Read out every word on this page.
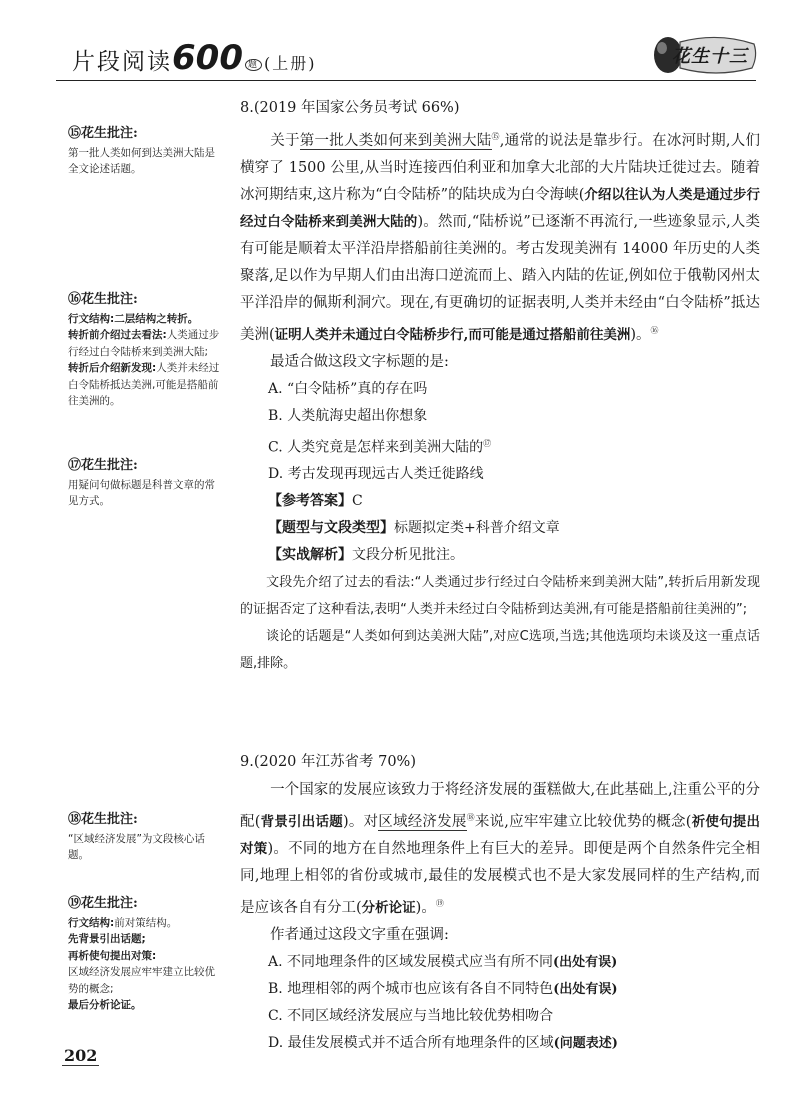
片段阅读600 题 (上册)	花生十三
⑮花生批注:
第一批人类如何到达美洲大陆是全文论述话题。
⑯花生批注:
行文结构:二层结构之转折。
转折前介绍过去看法:人类通过步行经过白令陆桥来到美洲大陆;
转折后介绍新发现:人类并未经过白令陆桥抵达美洲,可能是搭船前往美洲的。
⑰花生批注:
用疑问句做标题是科普文章的常见方式。
⑱花生批注:
“区域经济发展”为文段核心话题。
⑲花生批注:
行文结构:前对策结构。
先背景引出话题;
再析使句提出对策:
区域经济发展应牢牢建立比较优势的概念;
最后分析论证。

8.(2019 年国家公务员考试 66%)

关于第一批人类如何来到美洲大陆⑮,通常的说法是靠步行。在冰河时期,人们横穿了 1500 公里,从当时连接西伯利亚和加拿大北部的大片陆块迁徙过去。随着冰河期结束,这片称为“白令陆桥”的陆块成为白令海峡(介绍以往认为人类是通过步行经过白令陆桥来到美洲大陆的)。然而,“陆桥说”已逐渐不再流行,一些迹象显示,人类有可能是顺着太平洋沿岸搭船前往美洲的。考古发现美洲有 14000 年历史的人类聚落,足以作为早期人们由出海口逆流而上、踏入内陆的佐证,例如位于俄勒冈州太平洋沿岸的佩斯利洞穴。现在,有更确切的证据表明,人类并未经由“白令陆桥”抵达美洲(证明人类并未通过白令陆桥步行,而可能是通过搭船前往美洲)。⑯

最适合做这段文字标题的是:

A. “白令陆桥”真的存在吗

B. 人类航海史超出你想象

C. 人类究竟是怎样来到美洲大陆的⑰

D. 考古发现再现远古人类迁徙路线

【参考答案】C

【题型与文段类型】标题拟定类+科普介绍文章

【实战解析】文段分析见批注。

文段先介绍了过去的看法:“人类通过步行经过白令陆桥来到美洲大陆”,转折后用新发现的证据否定了这种看法,表明“人类并未经过白令陆桥到达美洲,有可能是搭船前往美洲的”;

谈论的话题是“人类如何到达美洲大陆”,对应C选项,当选;其他选项均未谈及这一重点话题,排除。

9.(2020 年江苏省考 70%)

一个国家的发展应该致力于将经济发展的蛋糕做大,在此基础上,注重公平的分配(背景引出话题)。对区域经济发展⑱来说,应牢牢建立比较优势的概念(祈使句提出对策)。不同的地方在自然地理条件上有巨大的差异。即便是两个自然条件完全相同,地理上相邻的省份或城市,最佳的发展模式也不是大家发展同样的生产结构,而是应该各自有分工(分析论证)。⑲

作者通过这段文字重在强调:

A. 不同地理条件的区域发展模式应当有所不同(出处有误)

B. 地理相邻的两个城市也应该有各自不同特色(出处有误)

C. 不同区域经济发展应与当地比较优势相吻合

D. 最佳发展模式并不适合所有地理条件的区域(问题表述)

202
